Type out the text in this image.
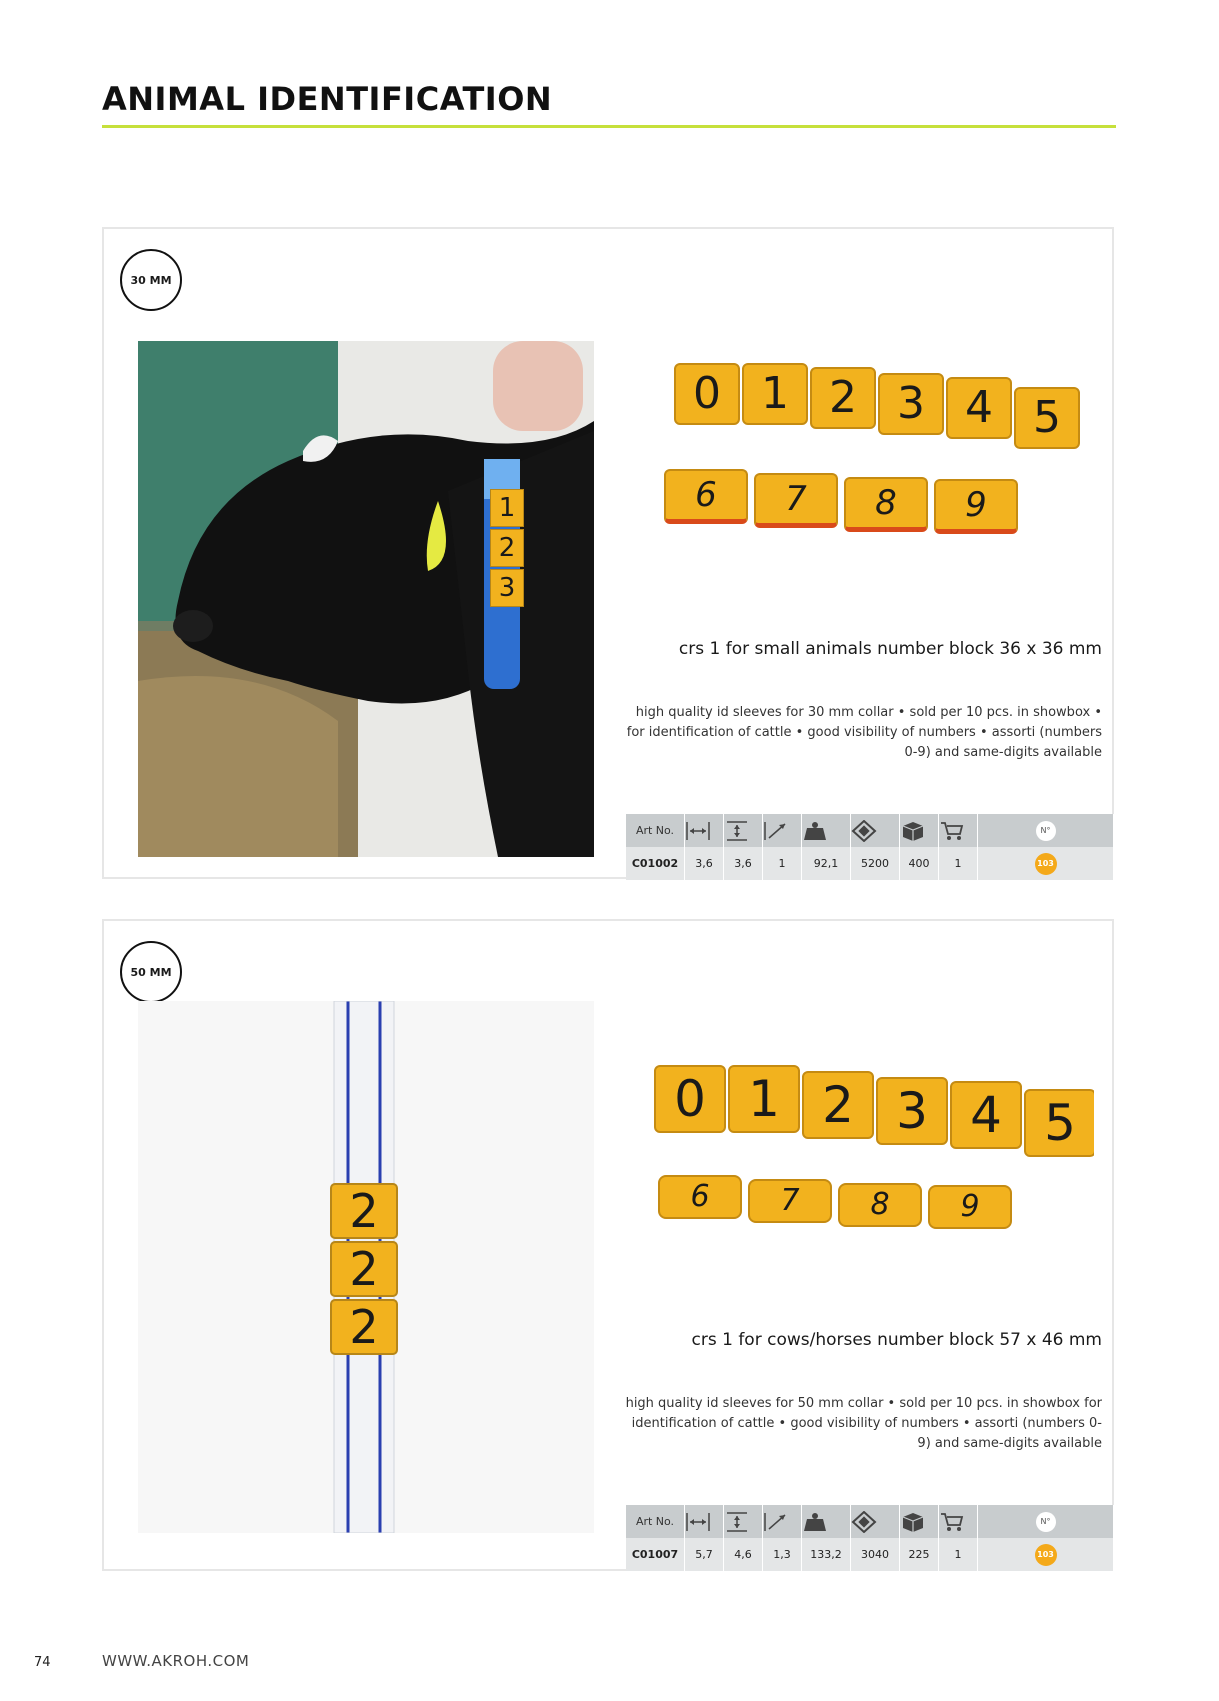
ANIMAL IDENTIFICATION
30 MM
1
2
3
0 1 2 3 4 5
6	7	8	9
crs 1 for small animals number block 36 x 36 mm
high quality id sleeves for 30 mm collar • sold per 10 pcs. in showbox • for identification of cattle • good visibility of numbers • assorti (numbers 0-9) and same-digits available
Art No.								N°
C01002	3,6	3,6	1	92,1	5200	400	1	103
50 MM
2
2
2
0 1 2 3 4 5
6	7	8	9
crs 1 for cows/horses number block 57 x 46 mm
high quality id sleeves for 50 mm collar • sold per 10 pcs. in showbox for identification of cattle • good visibility of numbers • assorti (numbers 0-9) and same-digits available
Art No.								N°
C01007	5,7	4,6	1,3	133,2	3040	225	1	103
74	WWW.AKROH.COM
